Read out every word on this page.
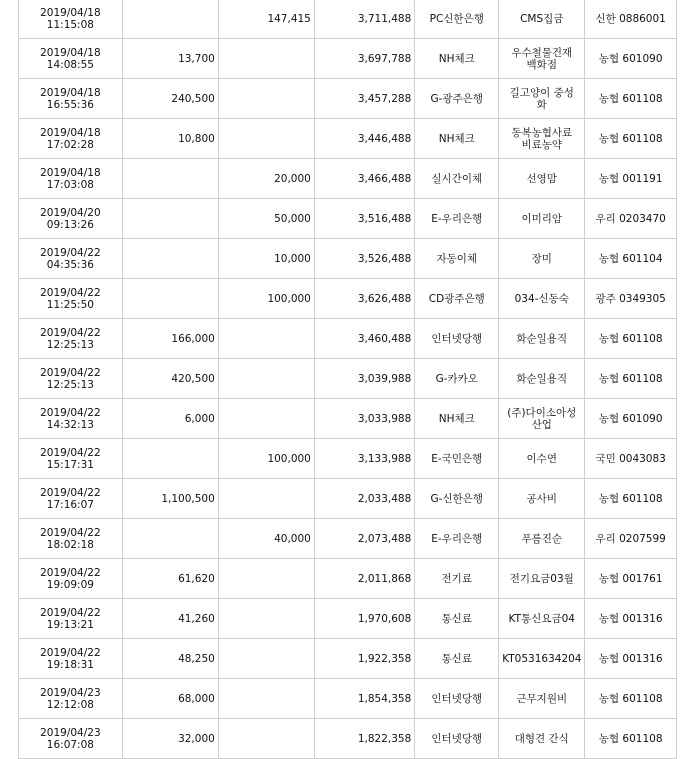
2019/04/18
11:15:08		147,415	3,711,488	PC신한은행	CMS집금	신한 0886001

2019/04/18
14:08:55	13,700		3,697,788	NH체크	우수철물건재
백화점	농협 601090

2019/04/18
16:55:36	240,500		3,457,288	G-광주은행	길고양이 중성
화	농협 601108

2019/04/18
17:02:28	10,800		3,446,488	NH체크	동복농협사료
비료농약	농협 601108

2019/04/18
17:03:08		20,000	3,466,488	실시간이체	선영맘	농협 001191

2019/04/20
09:13:26		50,000	3,516,488	E-우리은행	이미리암	우리 0203470

2019/04/22
04:35:36		10,000	3,526,488	자동이체	장미	농협 601104

2019/04/22
11:25:50		100,000	3,626,488	CD광주은행	034-신동숙	광주 0349305

2019/04/22
12:25:13	166,000		3,460,488	인터넷당행	화순일용직	농협 601108

2019/04/22
12:25:13	420,500		3,039,988	G-카카오	화순일용직	농협 601108

2019/04/22
14:32:13	6,000		3,033,988	NH체크	(주)다이소아성
산업	농협 601090

2019/04/22
15:17:31		100,000	3,133,988	E-국민은행	이수연	국민 0043083

2019/04/22
17:16:07	1,100,500		2,033,488	G-신한은행	공사비	농협 601108

2019/04/22
18:02:18		40,000	2,073,488	E-우리은행	푸름진순	우리 0207599

2019/04/22
19:09:09	61,620		2,011,868	전기료	전기요금03월	농협 001761

2019/04/22
19:13:21	41,260		1,970,608	통신료	KT통신요금04	농협 001316

2019/04/22
19:18:31	48,250		1,922,358	통신료	KT0531634204	농협 001316

2019/04/23
12:12:08	68,000		1,854,358	인터넷당행	근무지원비	농협 601108

2019/04/23
16:07:08	32,000		1,822,358	인터넷당행	대형견 간식	농협 601108
